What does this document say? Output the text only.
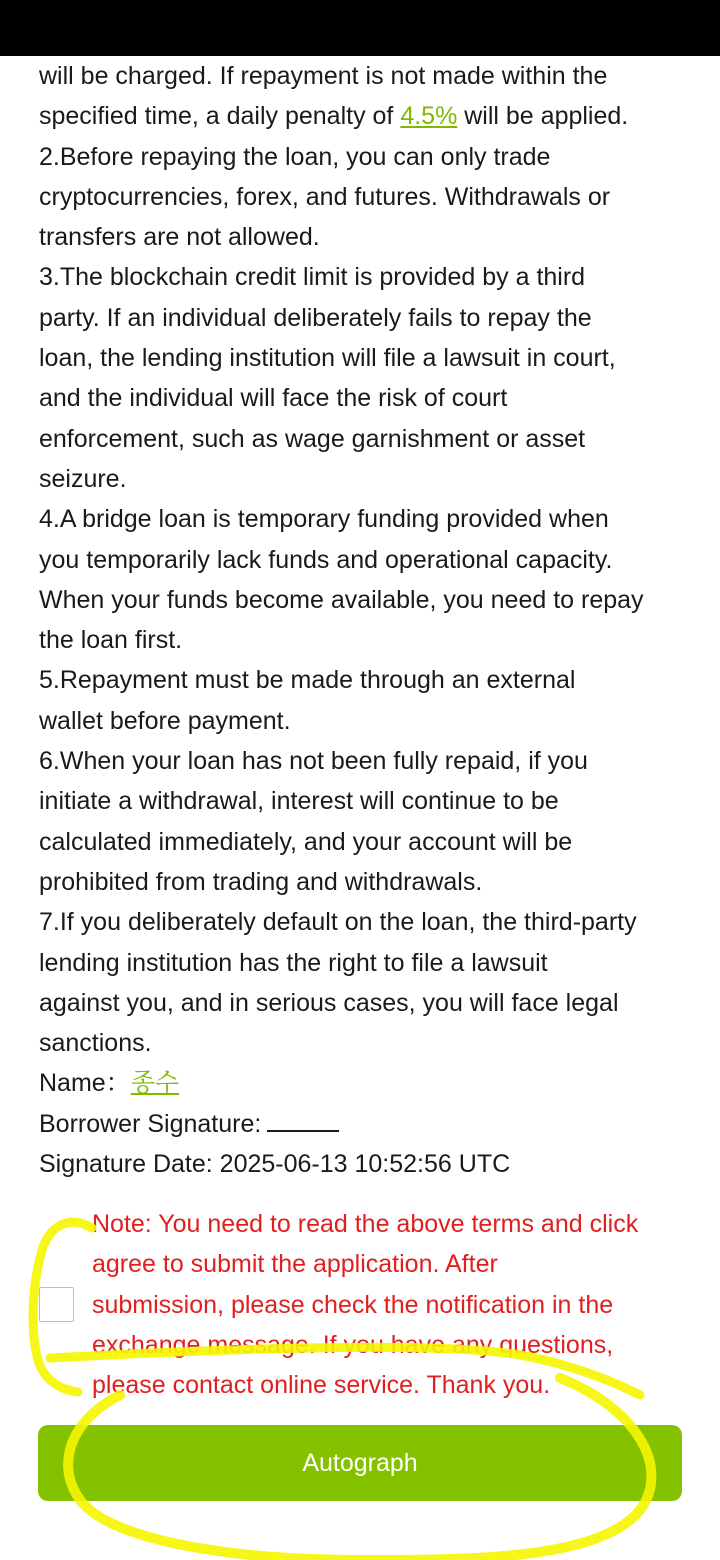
will be charged. If repayment is not made within the
specified time, a daily penalty of 4.5% will be applied.
2.Before repaying the loan, you can only trade
cryptocurrencies, forex, and futures. Withdrawals or
transfers are not allowed.
3.The blockchain credit limit is provided by a third
party. If an individual deliberately fails to repay the
loan, the lending institution will file a lawsuit in court,
and the individual will face the risk of court
enforcement, such as wage garnishment or asset
seizure.
4.A bridge loan is temporary funding provided when
you temporarily lack funds and operational capacity.
When your funds become available, you need to repay
the loan first.
5.Repayment must be made through an external
wallet before payment.
6.When your loan has not been fully repaid, if you
initiate a withdrawal, interest will continue to be
calculated immediately, and your account will be
prohibited from trading and withdrawals.
7.If you deliberately default on the loan, the third-party
lending institution has the right to file a lawsuit
against you, and in serious cases, you will face legal
sanctions.
Name：종수
Borrower Signature:
Signature Date: 2025-06-13 10:52:56 UTC
Note: You need to read the above terms and click
agree to submit the application. After
submission, please check the notification in the
exchange message. If you have any questions,
please contact online service. Thank you.
Autograph
